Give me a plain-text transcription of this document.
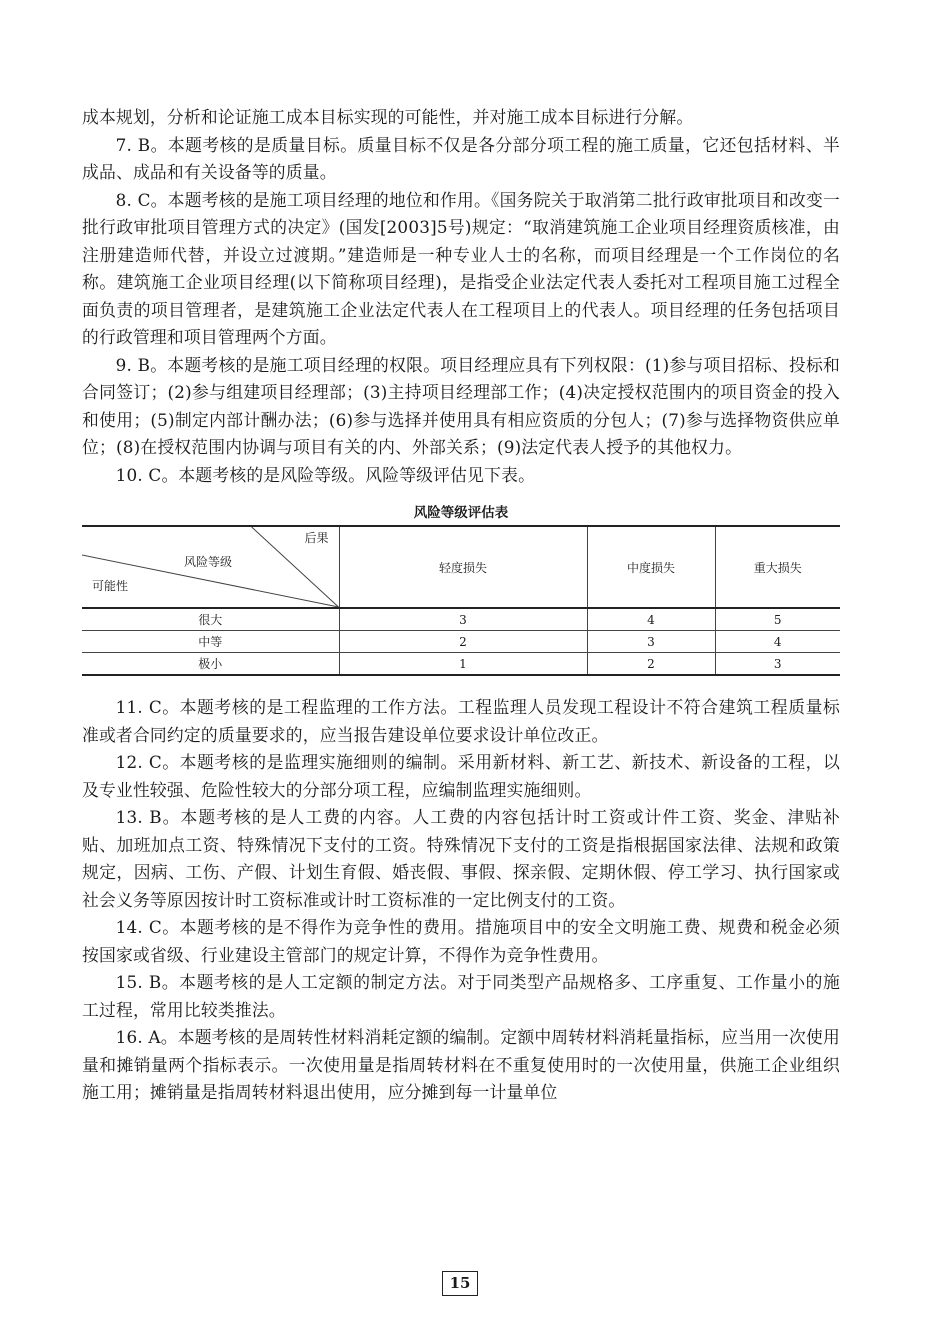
成本规划，分析和论证施工成本目标实现的可能性，并对施工成本目标进行分解。

7. B。本题考核的是质量目标。质量目标不仅是各分部分项工程的施工质量，它还包括材料、半成品、成品和有关设备等的质量。

8. C。本题考核的是施工项目经理的地位和作用。《国务院关于取消第二批行政审批项目和改变一批行政审批项目管理方式的决定》(国发[2003]5号)规定：“取消建筑施工企业项目经理资质核准，由注册建造师代替，并设立过渡期。”建造师是一种专业人士的名称，而项目经理是一个工作岗位的名称。建筑施工企业项目经理(以下简称项目经理)，是指受企业法定代表人委托对工程项目施工过程全面负责的项目管理者，是建筑施工企业法定代表人在工程项目上的代表人。项目经理的任务包括项目的行政管理和项目管理两个方面。

9. B。本题考核的是施工项目经理的权限。项目经理应具有下列权限：(1)参与项目招标、投标和合同签订；(2)参与组建项目经理部；(3)主持项目经理部工作；(4)决定授权范围内的项目资金的投入和使用；(5)制定内部计酬办法；(6)参与选择并使用具有相应资质的分包人；(7)参与选择物资供应单位；(8)在授权范围内协调与项目有关的内、外部关系；(9)法定代表人授予的其他权力。

10. C。本题考核的是风险等级。风险等级评估见下表。

风险等级评估表
后果
风险等级
可能性	轻度损失	中度损失	重大损失
很大	3	4	5
中等	2	3	4
极小	1	2	3

11. C。本题考核的是工程监理的工作方法。工程监理人员发现工程设计不符合建筑工程质量标准或者合同约定的质量要求的，应当报告建设单位要求设计单位改正。

12. C。本题考核的是监理实施细则的编制。采用新材料、新工艺、新技术、新设备的工程，以及专业性较强、危险性较大的分部分项工程，应编制监理实施细则。

13. B。本题考核的是人工费的内容。人工费的内容包括计时工资或计件工资、奖金、津贴补贴、加班加点工资、特殊情况下支付的工资。特殊情况下支付的工资是指根据国家法律、法规和政策规定，因病、工伤、产假、计划生育假、婚丧假、事假、探亲假、定期休假、停工学习、执行国家或社会义务等原因按计时工资标准或计时工资标准的一定比例支付的工资。

14. C。本题考核的是不得作为竞争性的费用。措施项目中的安全文明施工费、规费和税金必须按国家或省级、行业建设主管部门的规定计算，不得作为竞争性费用。

15. B。本题考核的是人工定额的制定方法。对于同类型产品规格多、工序重复、工作量小的施工过程，常用比较类推法。

16. A。本题考核的是周转性材料消耗定额的编制。定额中周转材料消耗量指标，应当用一次使用量和摊销量两个指标表示。一次使用量是指周转材料在不重复使用时的一次使用量，供施工企业组织施工用；摊销量是指周转材料退出使用，应分摊到每一计量单位

15
